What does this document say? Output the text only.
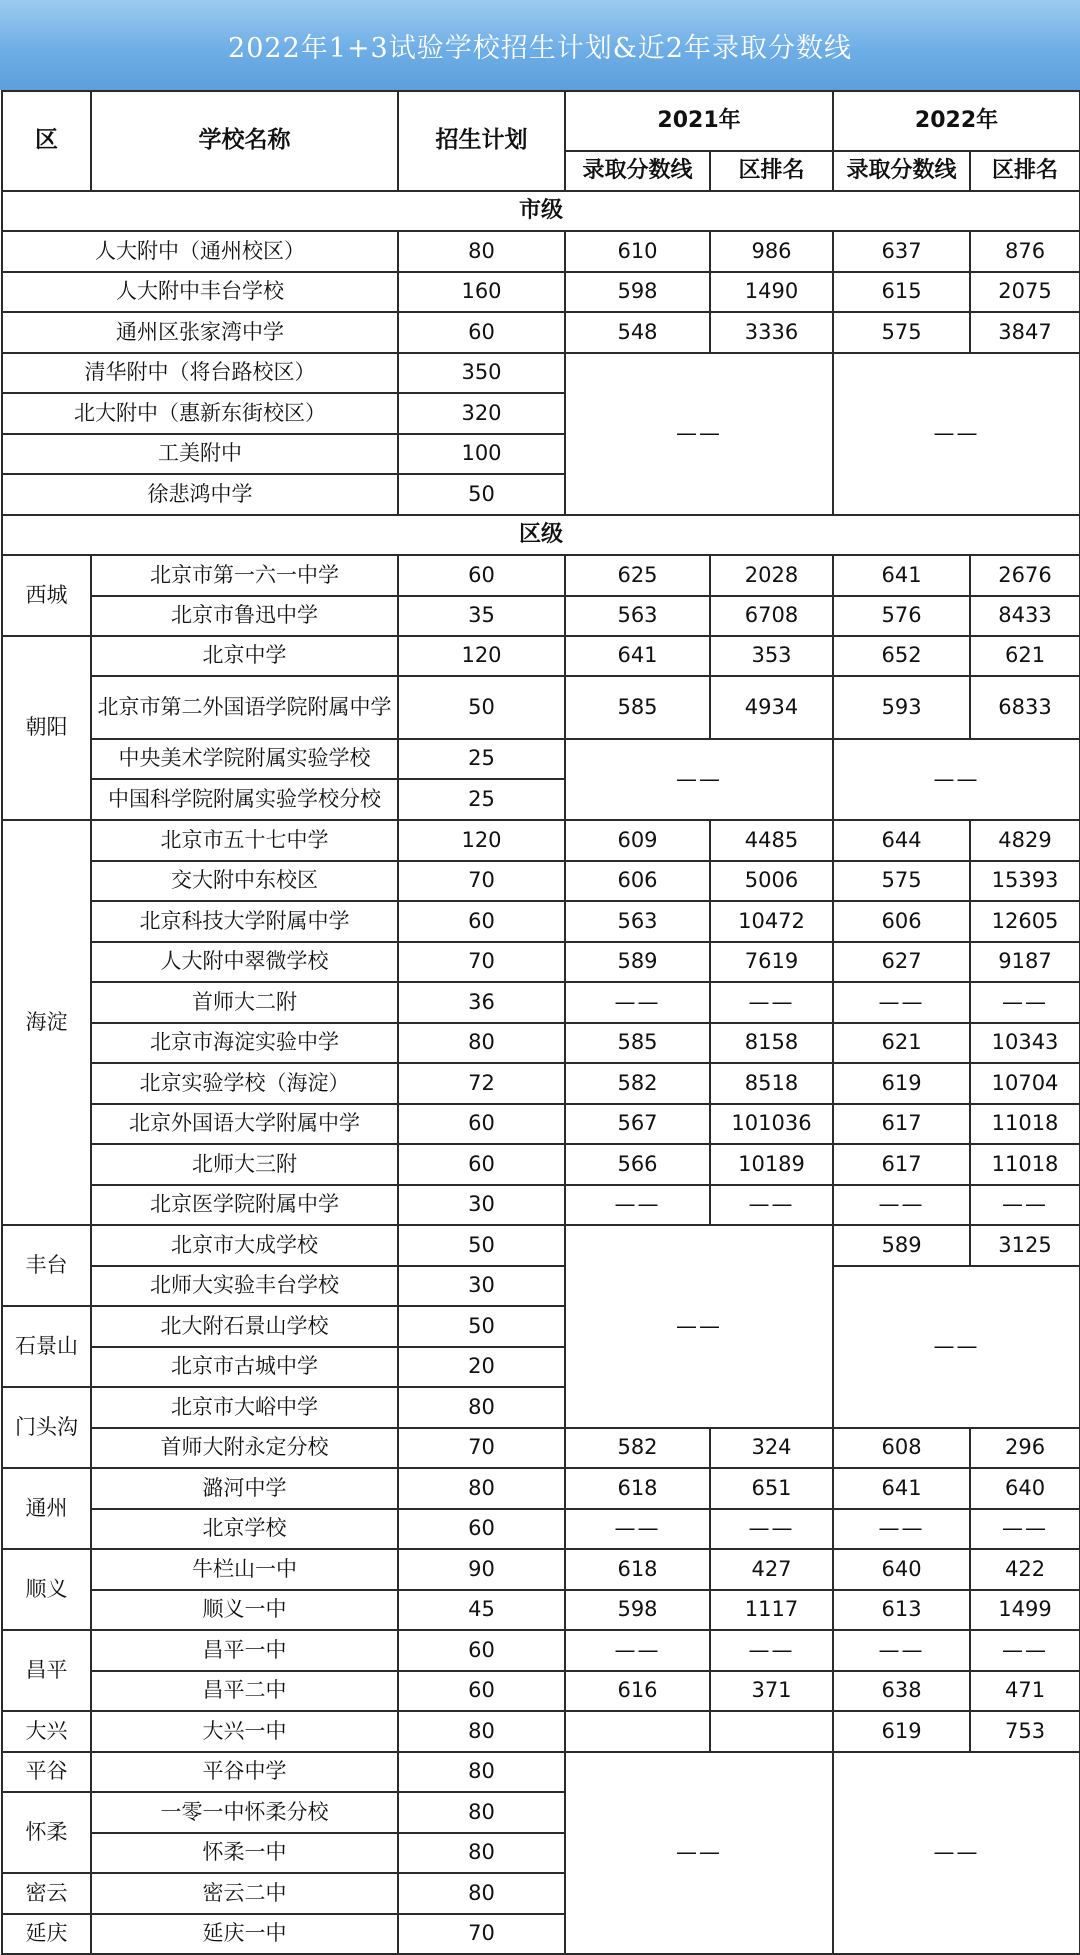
2022年1+3试验学校招生计划&近2年录取分数线
区	学校名称	招生计划	2021年		2022年	
			录取分数线	区排名	录取分数线	区排名
市级						
人大附中（通州校区）		80	610	986	637	876
人大附中丰台学校		160	598	1490	615	2075
通州区张家湾中学		60	548	3336	575	3847
清华附中（将台路校区）		350	——		——	
北大附中（惠新东街校区）		320				
工美附中		100				
徐悲鸿中学		50				
区级						
西城	北京市第一六一中学	60	625	2028	641	2676
	北京市鲁迅中学	35	563	6708	576	8433
朝阳	北京中学	120	641	353	652	621
	北京市第二外国语学院附属中学	50	585	4934	593	6833
	中央美术学院附属实验学校	25	——		——	
	中国科学院附属实验学校分校	25				
海淀	北京市五十七中学	120	609	4485	644	4829
	交大附中东校区	70	606	5006	575	15393
	北京科技大学附属中学	60	563	10472	606	12605
	人大附中翠微学校	70	589	7619	627	9187
	首师大二附	36	——	——	——	——
	北京市海淀实验中学	80	585	8158	621	10343
	北京实验学校（海淀）	72	582	8518	619	10704
	北京外国语大学附属中学	60	567	101036	617	11018
	北师大三附	60	566	10189	617	11018
	北京医学院附属中学	30	——	——	——	——
丰台	北京市大成学校	50	——		589	3125
	北师大实验丰台学校	30			——	
石景山	北大附石景山学校	50				
	北京市古城中学	20				
门头沟	北京市大峪中学	80				
	首师大附永定分校	70	582	324	608	296
通州	潞河中学	80	618	651	641	640
	北京学校	60	——	——	——	——
顺义	牛栏山一中	90	618	427	640	422
	顺义一中	45	598	1117	613	1499
昌平	昌平一中	60	——	——	——	——
	昌平二中	60	616	371	638	471
大兴	大兴一中	80			619	753
平谷	平谷中学	80	——		——	
怀柔	一零一中怀柔分校	80				
	怀柔一中	80				
密云	密云二中	80				
延庆	延庆一中	70				
